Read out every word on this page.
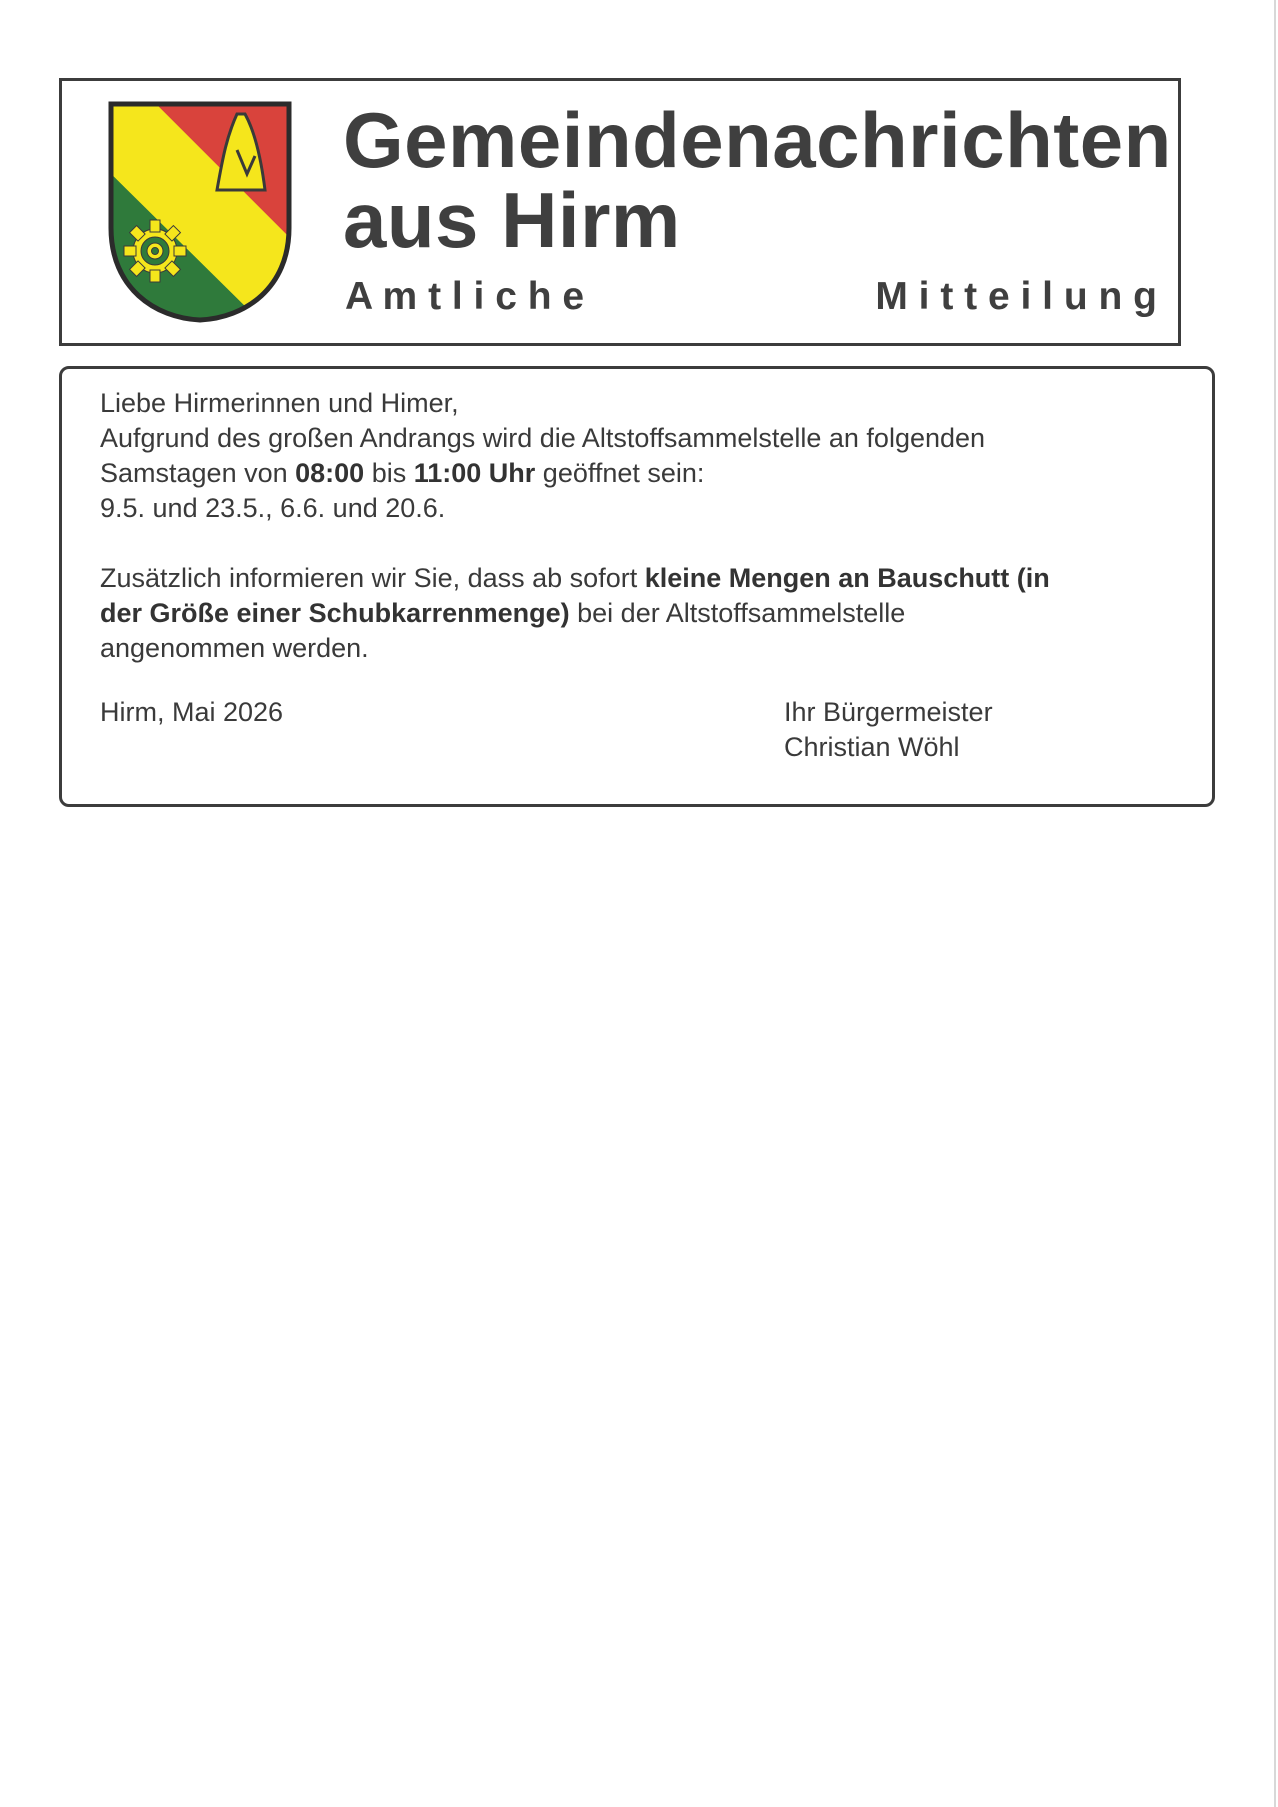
Gemeindenachrichten
aus Hirm
A m t l i c h e	M i t t e i l u n g

Liebe Hirmerinnen und Himer,
Aufgrund des großen Andrangs wird die Altstoffsammelstelle an folgenden
Samstagen von 08:00 bis 11:00 Uhr geöffnet sein:
9.5. und 23.5., 6.6. und 20.6.

Zusätzlich informieren wir Sie, dass ab sofort kleine Mengen an Bauschutt (in
der Größe einer Schubkarrenmenge) bei der Altstoffsammelstelle
angenommen werden.

Hirm, Mai 2026	Ihr Bürgermeister
Christian Wöhl
